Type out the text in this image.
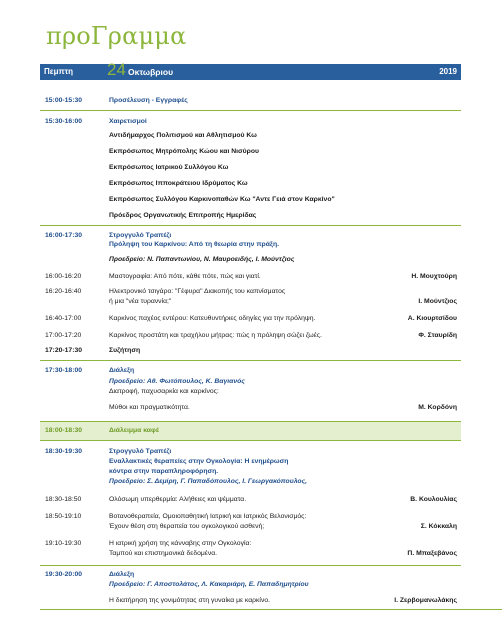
προΓραμμα
Πεμπτη 24 Οκτωβριου	2019
15:00-15:30	Προσέλευση - Εγγραφές
15:30-16:00	Χαιρετισμοί
Αντιδήμαρχος Πολιτισμού και Αθλητισμού Κω
Εκπρόσωπος Μητρόπολης Κώου και Νισύρου
Εκπρόσωπος Ιατρικού Συλλόγου Κω
Εκπρόσωπος Ιπποκράτειου Ιδρύματος Κω
Εκπρόσωπος Συλλόγου Καρκινοπαθών Κω "Αντε Γειά στον Καρκίνο"
Πρόεδρος Οργανωτικής Επιτροπής Ημερίδας
16:00-17:30	Στρογγυλό Τραπέζι
Πρόληψη του Καρκίνου: Από τη θεωρία στην πράξη.
Προεδρείο: Ν. Παπαντωνίου, Ν. Μαυροειδής, Ι. Μούντζιος
16:00-16:20	Μαστογραφία: Από πότε, κάθε πότε, πώς και γιατί.	Η. Μουχτούρη
16:20-16:40	Ηλεκτρονικό τσιγάρο: "Γέφυρα" Διακοπής του καπνίσματος
ή μια "νέα τυραννία;"	Ι. Μούντζιος
16:40-17:00	Καρκίνος παχέος εντέρου: Κατευθυντήριες οδηγίες για την πρόληψη.	Α. Κιουρτσίδου
17:00-17:20	Καρκίνος προστάτη και τραχήλου μήτρας: πώς η πρόληψη σώζει ζωές.	Φ. Σταυρίδη
17:20-17:30	Συζήτηση
17:30-18:00	Διάλεξη
Προεδρείο: Αθ. Φωτόπουλος, Κ. Βαγιανός
Διατροφή, παχυσαρκία και καρκίνος:
Μύθοι και πραγματικότητα.	Μ. Κορδόνη
18:00-18:30	Διάλειμμα καφέ
18:30-19:30	Στρογγυλό Τραπέζι
Εναλλακτικές θεραπείες στην Ογκολογία: Η ενημέρωση
κόντρα στην παραπληροφόρηση.
Προεδρείο: Σ. Δεμίρη, Γ. Παπαδόπουλος, Ι. Γεωργακόπουλος,
18:30-18:50	Ολόσωμη υπερθερμία: Αλήθειες και ψέμματα.	Β. Κουλουλίας
18:50-19:10	Βοτανοθεραπεία, Ομοιοπαθητική Ιατρική και Ιατρικός Βελονισμός:
Έχουν θέση στη θεραπεία του ογκολογικού ασθενή;	Σ. Κόκκαλη
19:10-19:30	Η ιατρική χρήση της κάνναβης στην Ογκολογία:
Ταμπού και επιστημονικά δεδομένα.	Π. Μπαξεβάνος
19:30-20:00	Διάλεξη
Προεδρείο: Γ. Αποστολάτος, Λ. Κακαριάρη, Ε. Παπαδημητρίου
Η διατήρηση της γονιμότητας στη γυναίκα με καρκίνο.	Ι. Ζερβομανωλάκης
